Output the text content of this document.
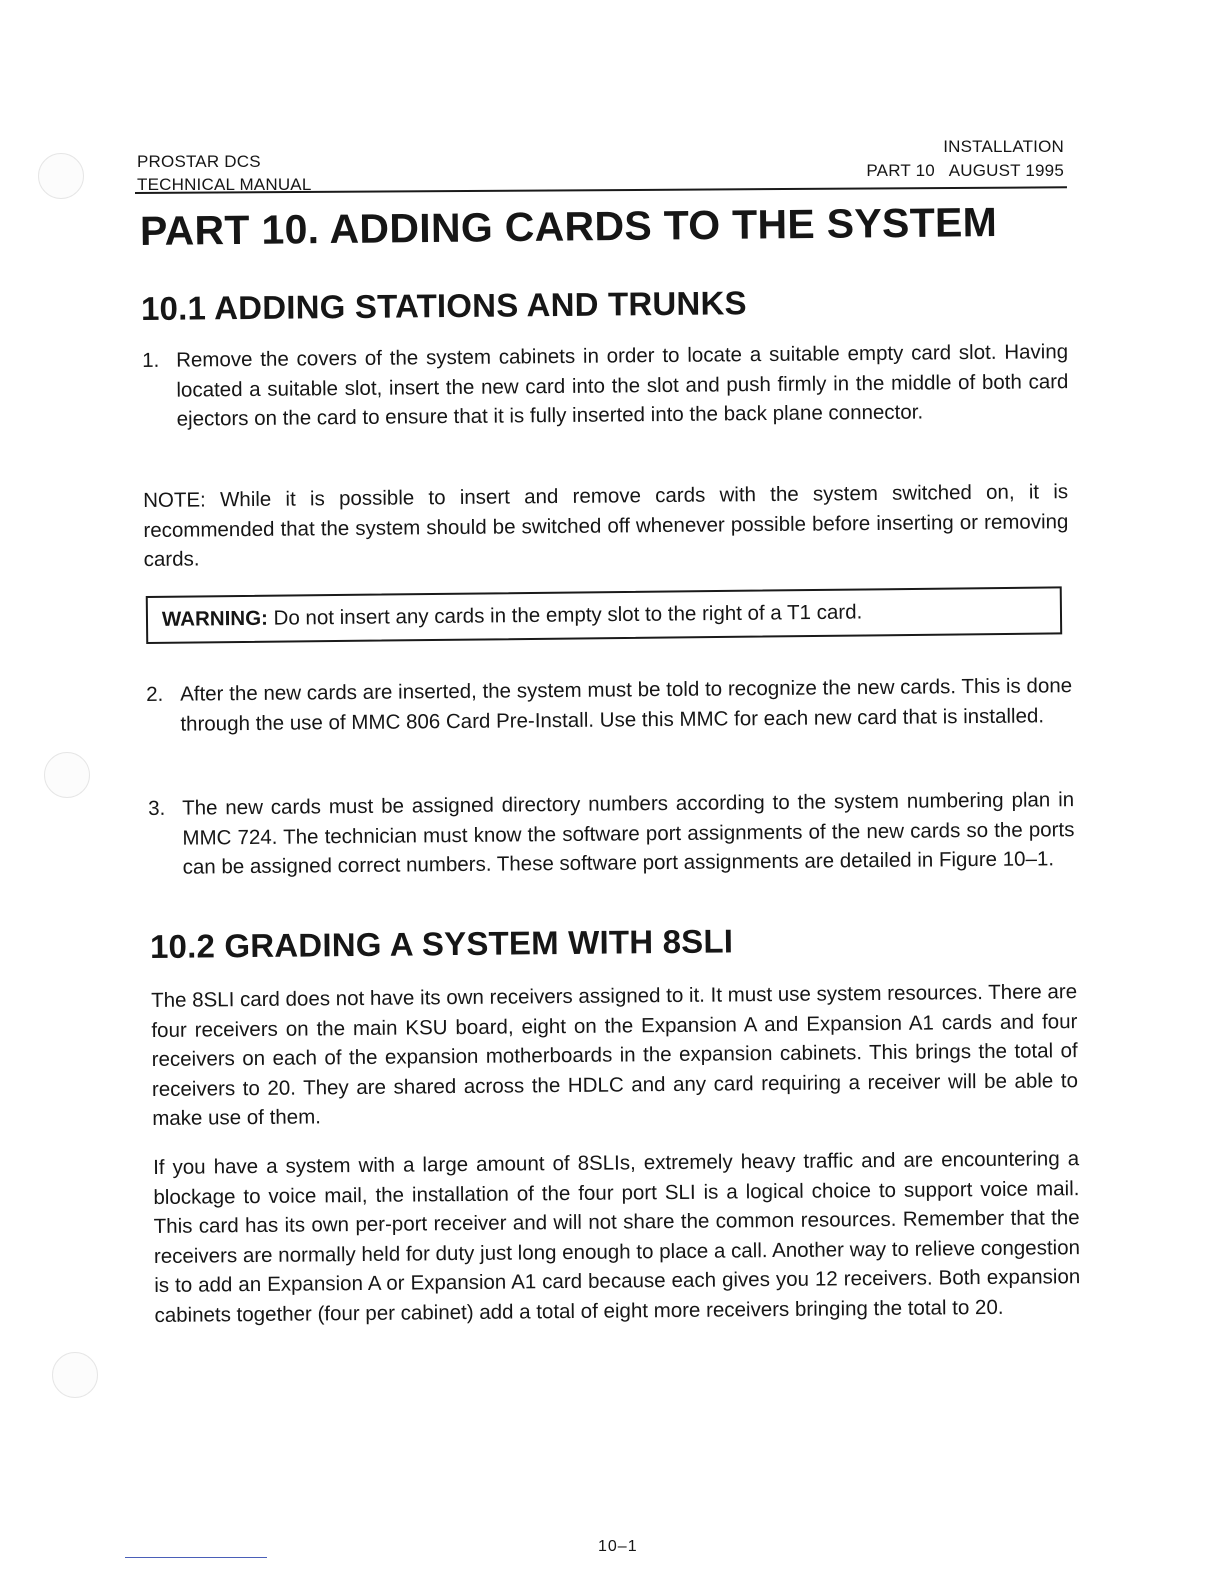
PROSTAR DCS
TECHNICAL MANUAL
INSTALLATION
PART 10   AUGUST 1995
PART 10. ADDING CARDS TO THE SYSTEM
10.1 ADDING STATIONS AND TRUNKS
1. Remove the covers of the system cabinets in order to locate a suitable empty card slot. Having located a suitable slot, insert the new card into the slot and push firmly in the middle of both card ejectors on the card to ensure that it is fully inserted into the back plane connector.

NOTE: While it is possible to insert and remove cards with the system switched on, it is recommended that the system should be switched off whenever possible before inserting or removing cards.

WARNING: Do not insert any cards in the empty slot to the right of a T1 card.
2. After the new cards are inserted, the system must be told to recognize the new cards. This is done through the use of MMC 806 Card Pre-Install. Use this MMC for each new card that is installed.
3. The new cards must be assigned directory numbers according to the system numbering plan in MMC 724. The technician must know the software port assignments of the new cards so the ports can be assigned correct numbers. These software port assignments are detailed in Figure 10–1.
10.2 GRADING A SYSTEM WITH 8SLI

The 8SLI card does not have its own receivers assigned to it. It must use system resources. There are four receivers on the main KSU board, eight on the Expansion A and Expansion A1 cards and four receivers on each of the expansion motherboards in the expansion cabinets. This brings the total of receivers to 20. They are shared across the HDLC and any card requiring a receiver will be able to make use of them.

If you have a system with a large amount of 8SLIs, extremely heavy traffic and are encountering a blockage to voice mail, the installation of the four port SLI is a logical choice to support voice mail. This card has its own per-port receiver and will not share the common resources. Remember that the receivers are normally held for duty just long enough to place a call. Another way to relieve congestion is to add an Expansion A or Expansion A1 card because each gives you 12 receivers. Both expansion cabinets together (four per cabinet) add a total of eight more receivers bringing the total to 20.

10–1
